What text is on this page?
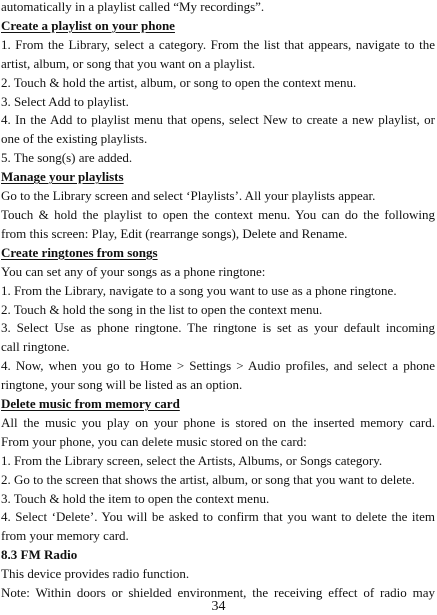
automatically in a playlist called “My recordings”.

Create a playlist on your phone

1. From the Library, select a category. From the list that appears, navigate to the

artist, album, or song that you want on a playlist.

2. Touch & hold the artist, album, or song to open the context menu.

3. Select Add to playlist.

4. In the Add to playlist menu that opens, select New to create a new playlist, or

one of the existing playlists.

5. The song(s) are added.

Manage your playlists

Go to the Library screen and select ‘Playlists’. All your playlists appear.

Touch & hold the playlist to open the context menu. You can do the following

from this screen: Play, Edit (rearrange songs), Delete and Rename.

Create ringtones from songs

You can set any of your songs as a phone ringtone:

1. From the Library, navigate to a song you want to use as a phone ringtone.

2. Touch & hold the song in the list to open the context menu.

3. Select Use as phone ringtone. The ringtone is set as your default incoming

call ringtone.

4. Now, when you go to Home > Settings > Audio profiles, and select a phone

ringtone, your song will be listed as an option.

Delete music from memory card

All the music you play on your phone is stored on the inserted memory card.

From your phone, you can delete music stored on the card:

1. From the Library screen, select the Artists, Albums, or Songs category.

2. Go to the screen that shows the artist, album, or song that you want to delete.

3. Touch & hold the item to open the context menu.

4. Select ‘Delete’. You will be asked to confirm that you want to delete the item

from your memory card.

8.3 FM Radio

This device provides radio function.

Note: Within doors or shielded environment, the receiving effect of radio may

34
